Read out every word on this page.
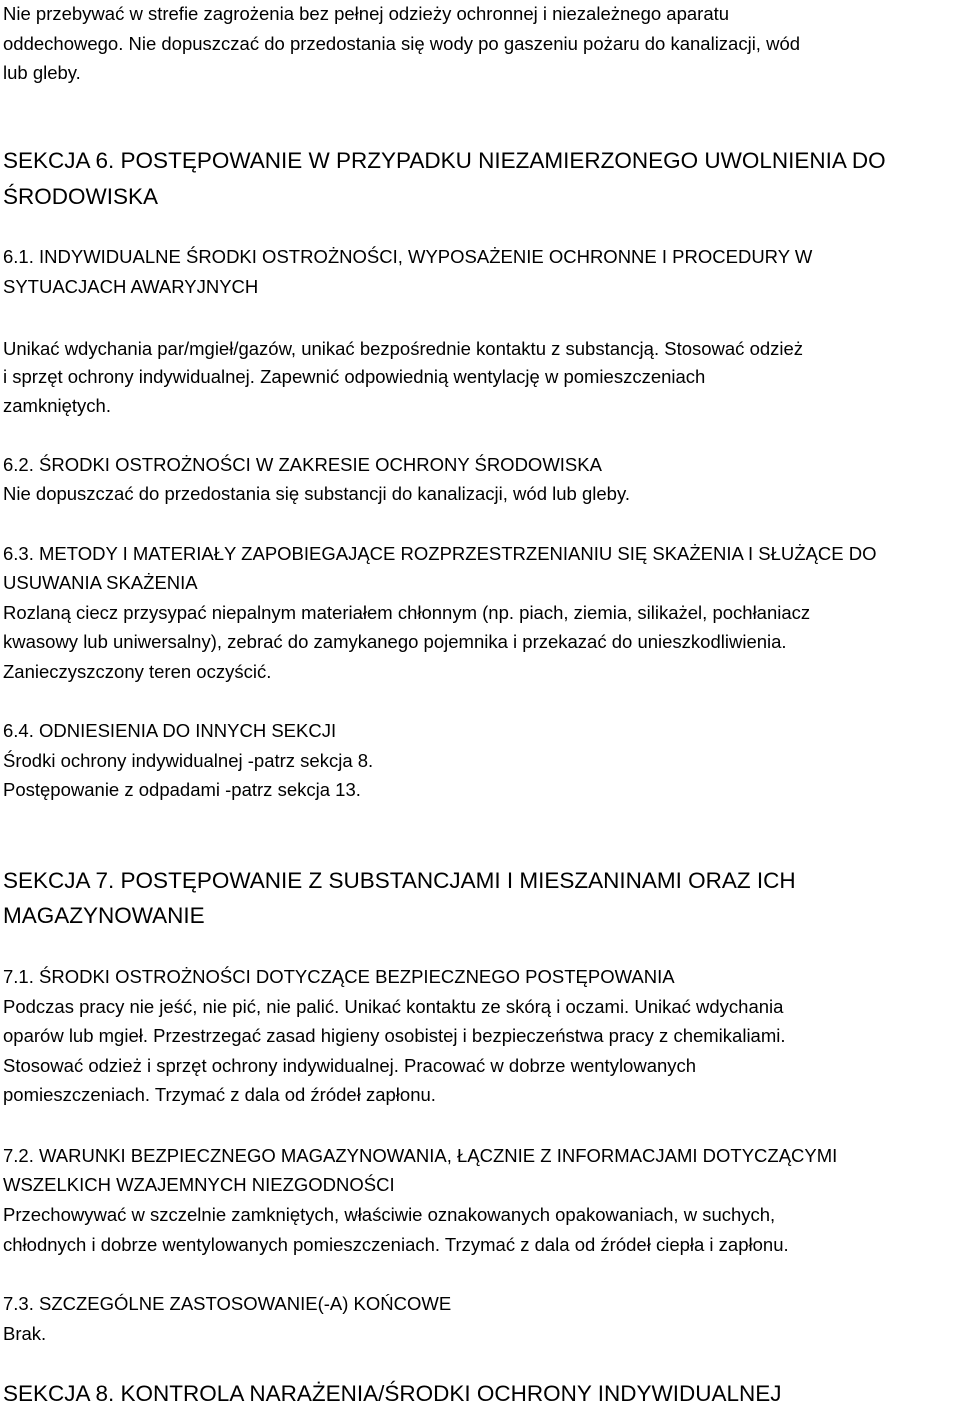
Nie przebywać w strefie zagrożenia bez pełnej odzieży ochronnej i niezależnego aparatu
oddechowego. Nie dopuszczać do przedostania się wody po gaszeniu pożaru do kanalizacji, wód
lub gleby.
SEKCJA 6. POSTĘPOWANIE W PRZYPADKU NIEZAMIERZONEGO UWOLNIENIA DO
ŚRODOWISKA
6.1. INDYWIDUALNE ŚRODKI OSTROŻNOŚCI, WYPOSAŻENIE OCHRONNE I PROCEDURY W
SYTUACJACH AWARYJNYCH
Unikać wdychania par/mgieł/gazów, unikać bezpośrednie kontaktu z substancją. Stosować odzież
i sprzęt ochrony indywidualnej. Zapewnić odpowiednią wentylację w pomieszczeniach
zamkniętych.
6.2. ŚRODKI OSTROŻNOŚCI W ZAKRESIE OCHRONY ŚRODOWISKA
Nie dopuszczać do przedostania się substancji do kanalizacji, wód lub gleby.
6.3. METODY I MATERIAŁY ZAPOBIEGAJĄCE ROZPRZESTRZENIANIU SIĘ SKAŻENIA I SŁUŻĄCE DO
USUWANIA SKAŻENIA
Rozlaną ciecz przysypać niepalnym materiałem chłonnym (np. piach, ziemia, silikażel, pochłaniacz
kwasowy lub uniwersalny), zebrać do zamykanego pojemnika i przekazać do unieszkodliwienia.
Zanieczyszczony teren oczyścić.
6.4. ODNIESIENIA DO INNYCH SEKCJI
Środki ochrony indywidualnej -patrz sekcja 8.
Postępowanie z odpadami -patrz sekcja 13.
SEKCJA 7. POSTĘPOWANIE Z SUBSTANCJAMI I MIESZANINAMI ORAZ ICH
MAGAZYNOWANIE
7.1. ŚRODKI OSTROŻNOŚCI DOTYCZĄCE BEZPIECZNEGO POSTĘPOWANIA
Podczas pracy nie jeść, nie pić, nie palić. Unikać kontaktu ze skórą i oczami. Unikać wdychania
oparów lub mgieł. Przestrzegać zasad higieny osobistej i bezpieczeństwa pracy z chemikaliami.
Stosować odzież i sprzęt ochrony indywidualnej. Pracować w dobrze wentylowanych
pomieszczeniach. Trzymać z dala od źródeł zapłonu.
7.2. WARUNKI BEZPIECZNEGO MAGAZYNOWANIA, ŁĄCZNIE Z INFORMACJAMI DOTYCZĄCYMI
WSZELKICH WZAJEMNYCH NIEZGODNOŚCI
Przechowywać w szczelnie zamkniętych, właściwie oznakowanych opakowaniach, w suchych,
chłodnych i dobrze wentylowanych pomieszczeniach. Trzymać z dala od źródeł ciepła i zapłonu.
7.3. SZCZEGÓLNE ZASTOSOWANIE(-A) KOŃCOWE
Brak.
SEKCJA 8. KONTROLA NARAŻENIA/ŚRODKI OCHRONY INDYWIDUALNEJ
